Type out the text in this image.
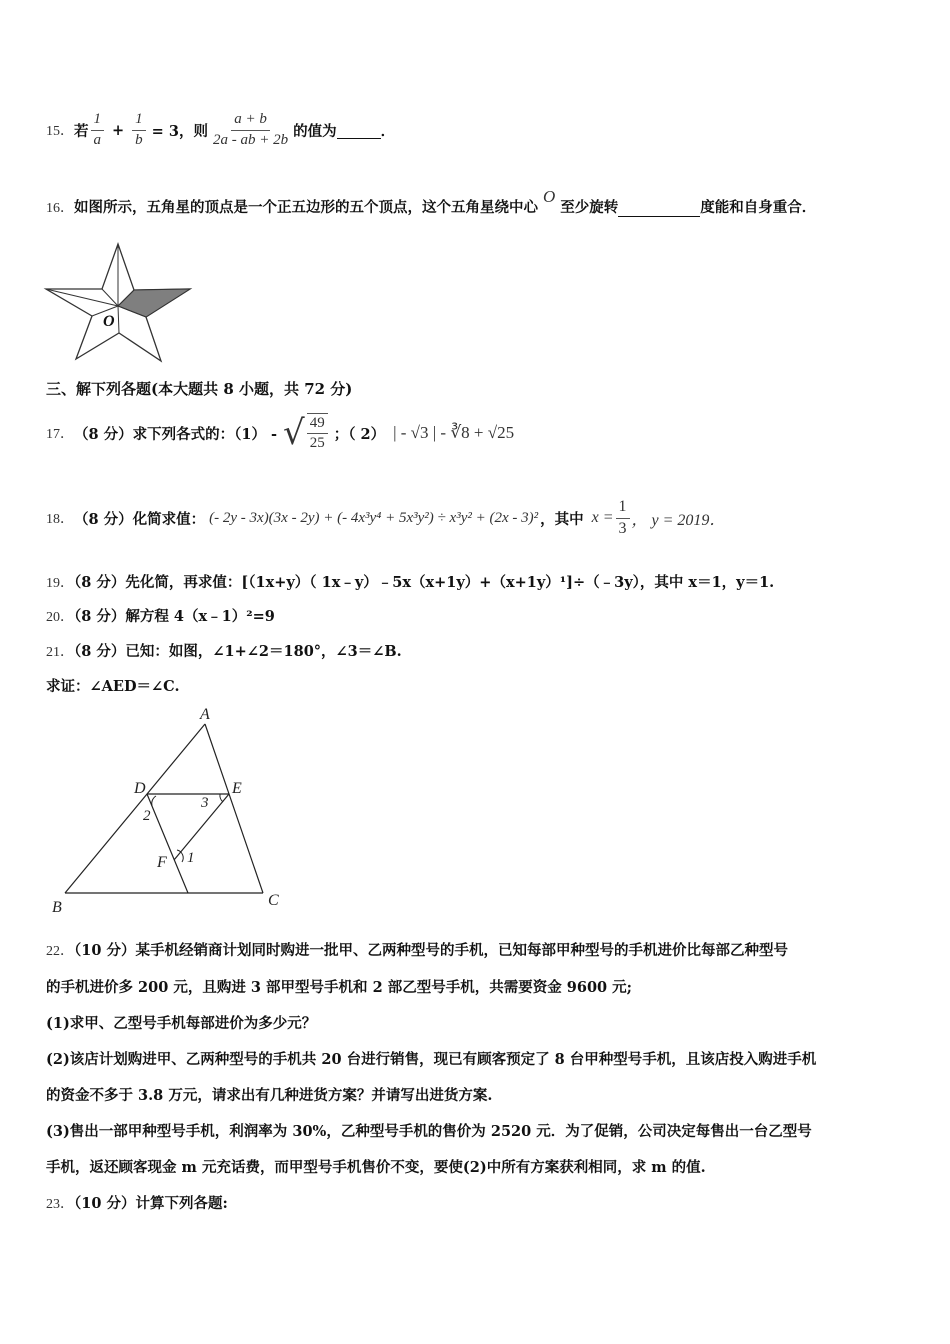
15． 若 $\frac{1}{a} + \frac{1}{b} = 3$，则 $\frac{a + b}{2a - ab + 2b}$ 的值为
	．
16．如图所示，五角星的顶点是一个正五边形的五个顶点，这个五角星绕中心O至少旋转	度能和自身重合．
O
三、解下列各题(本大题共 8 小题，共 72 分)
17． （8 分）求下列各式的：（1） - √ $\frac{49}{25}$ ；（ 2） | - √3 | - ∛8 + √25
18． （8 分）化简求值： (- 2y - 3x)(3x - 2y) + (- 4x³y⁴ + 5x³y²) ÷ x³y² + (2x - 3)² ，其中 $x = \frac{1}{3}$ ， y = 2019．
19．（8 分）先化简，再求值：[（1x+y）（ 1x﹣y）﹣5x（x+1y）+（x+1y）¹]÷（﹣3y），其中 x＝1，y＝1.
20．（8 分）解方程 4（x﹣1）²=9
21．（8 分）已知：如图，∠1+∠2＝180°，∠3＝∠B.
求证：∠AED＝∠C.
A
D	E
2
3
F 1
B	C
22．（10 分）某手机经销商计划同时购进一批甲、乙两种型号的手机，已知每部甲种型号的手机进价比每部乙种型号
的手机进价多 200 元，且购进 3 部甲型号手机和 2 部乙型号手机，共需要资金 9600 元;
(1)求甲、乙型号手机每部进价为多少元？
(2)该店计划购进甲、乙两种型号的手机共 20 台进行销售，现已有顾客预定了 8 台甲种型号手机，且该店投入购进手机
的资金不多于 3.8 万元，请求出有几种进货方案？并请写出进货方案.
(3)售出一部甲种型号手机，利润率为 30%，乙种型号手机的售价为 2520 元．为了促销，公司决定每售出一台乙型号
手机，返还顾客现金 m 元充话费，而甲型号手机售价不变，要使(2)中所有方案获利相同，求 m 的值.
23．（10 分）计算下列各题:
